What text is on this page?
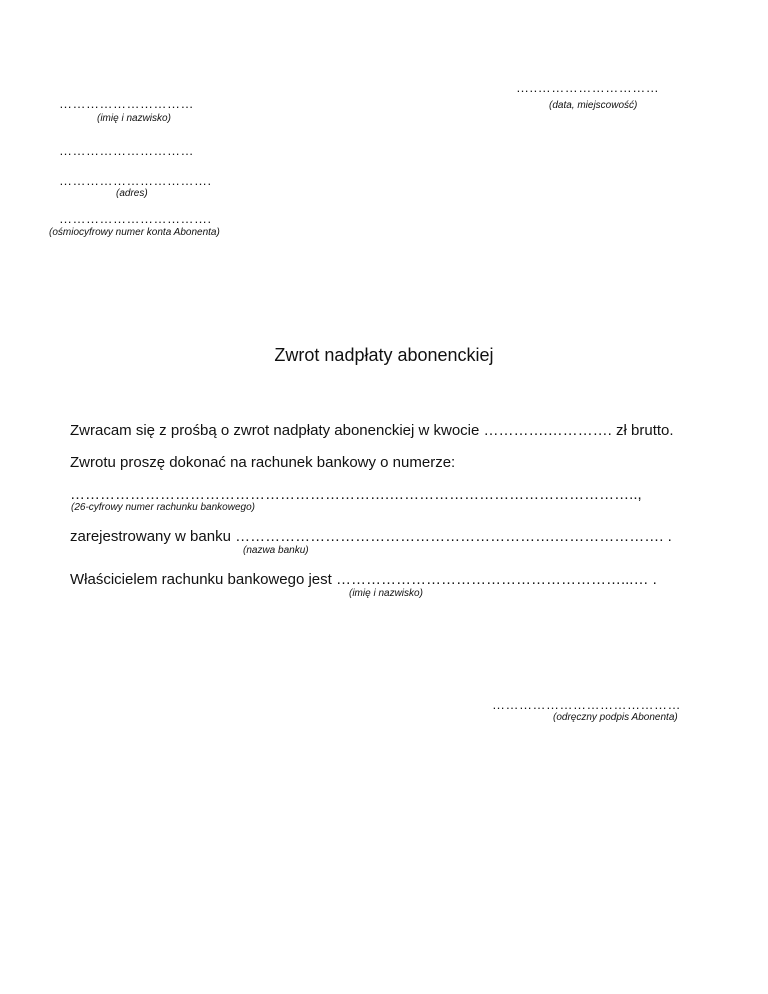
…..………………………
(data, miejscowość)
…………………………
(imię i nazwisko)
…………………………
…………………………….
(adres)
…………………………….
(ośmiocyfrowy numer konta Abonenta)
Zwrot nadpłaty abonenckiej
Zwracam się z prośbą o zwrot nadpłaty abonenckiej w kwocie ………….…………. zł brutto.
Zwrotu proszę dokonać na rachunek bankowy o numerze:
……………………………………………………….…………………………………………..,
(26-cyfrowy numer rachunku bankowego)
zarejestrowany w banku ……………………………………………………….…………………. .
(nazwa banku)
Właścicielem rachunku bankowego jest …………………………………………………...… .
(imię i nazwisko)
……………………………………
(odręczny podpis Abonenta)
